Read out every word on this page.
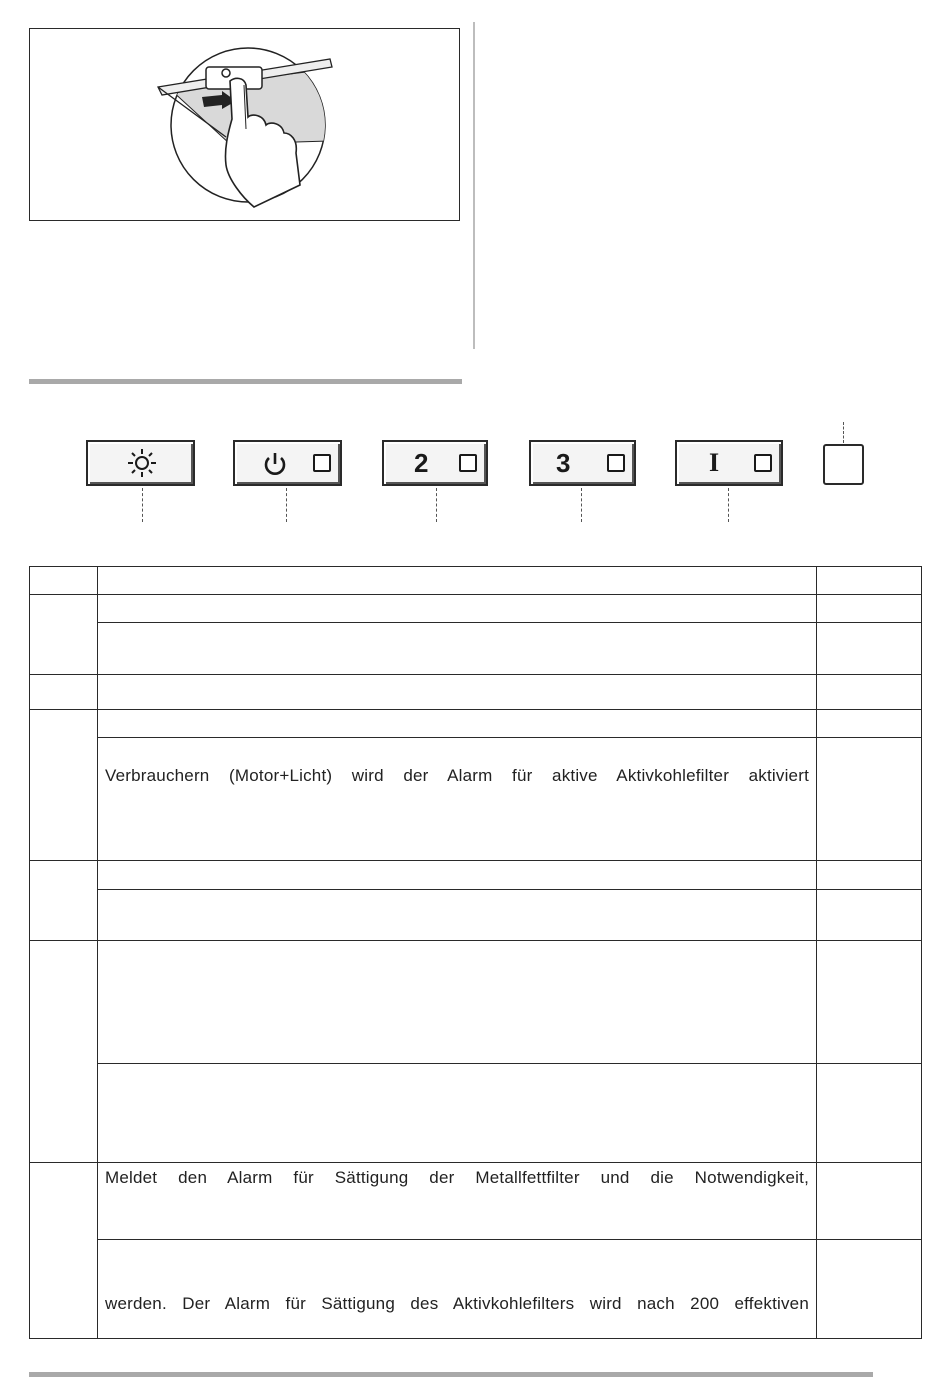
2	3	I

	Verbrauchern (Motor+Licht) wird der Alarm für aktive Aktivkohlefilter aktiviert	

	Meldet den Alarm für Sättigung der Metallfettfilter und die Notwendigkeit,	

	werden. Der Alarm für Sättigung des Aktivkohlefilters wird nach 200 effektiven	
